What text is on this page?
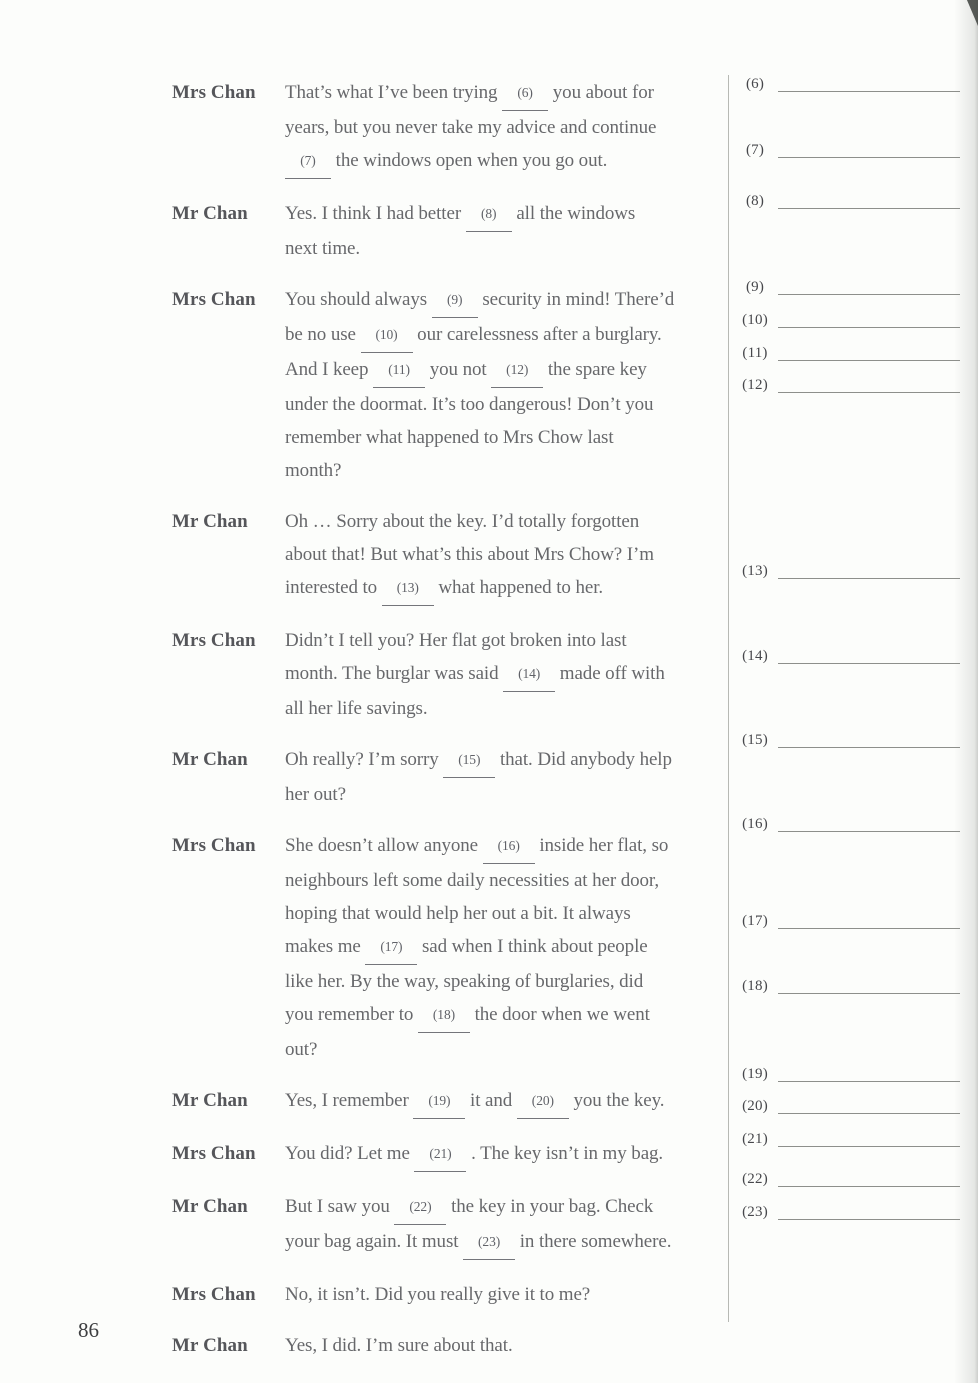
Mrs Chan	That’s what I’ve been trying (6) you about for
years, but you never take my advice and continue
(7) the windows open when you go out.
Mr Chan	Yes. I think I had better (8) all the windows
next time.
Mrs Chan	You should always (9) security in mind! There’d
be no use (10) our carelessness after a burglary.
And I keep (11) you not (12) the spare key
under the doormat. It’s too dangerous! Don’t you
remember what happened to Mrs Chow last
month?
Mr Chan	Oh … Sorry about the key. I’d totally forgotten
about that! But what’s this about Mrs Chow? I’m
interested to (13) what happened to her.
Mrs Chan	Didn’t I tell you? Her flat got broken into last
month. The burglar was said (14) made off with
all her life savings.
Mr Chan	Oh really? I’m sorry (15) that. Did anybody help
her out?
Mrs Chan	She doesn’t allow anyone (16) inside her flat, so
neighbours left some daily necessities at her door,
hoping that would help her out a bit. It always
makes me (17) sad when I think about people
like her. By the way, speaking of burglaries, did
you remember to (18) the door when we went
out?
Mr Chan	Yes, I remember (19) it and (20) you the key.
Mrs Chan	You did? Let me (21) . The key isn’t in my bag.
Mr Chan	But I saw you (22) the key in your bag. Check
your bag again. It must (23) in there somewhere.
Mrs Chan	No, it isn’t. Did you really give it to me?
Mr Chan	Yes, I did. I’m sure about that.
(6)
(7)
(8)
(9)
(10)
(11)
(12)
(13)
(14)
(15)
(16)
(17)
(18)
(19)
(20)
(21)
(22)
(23)
86
